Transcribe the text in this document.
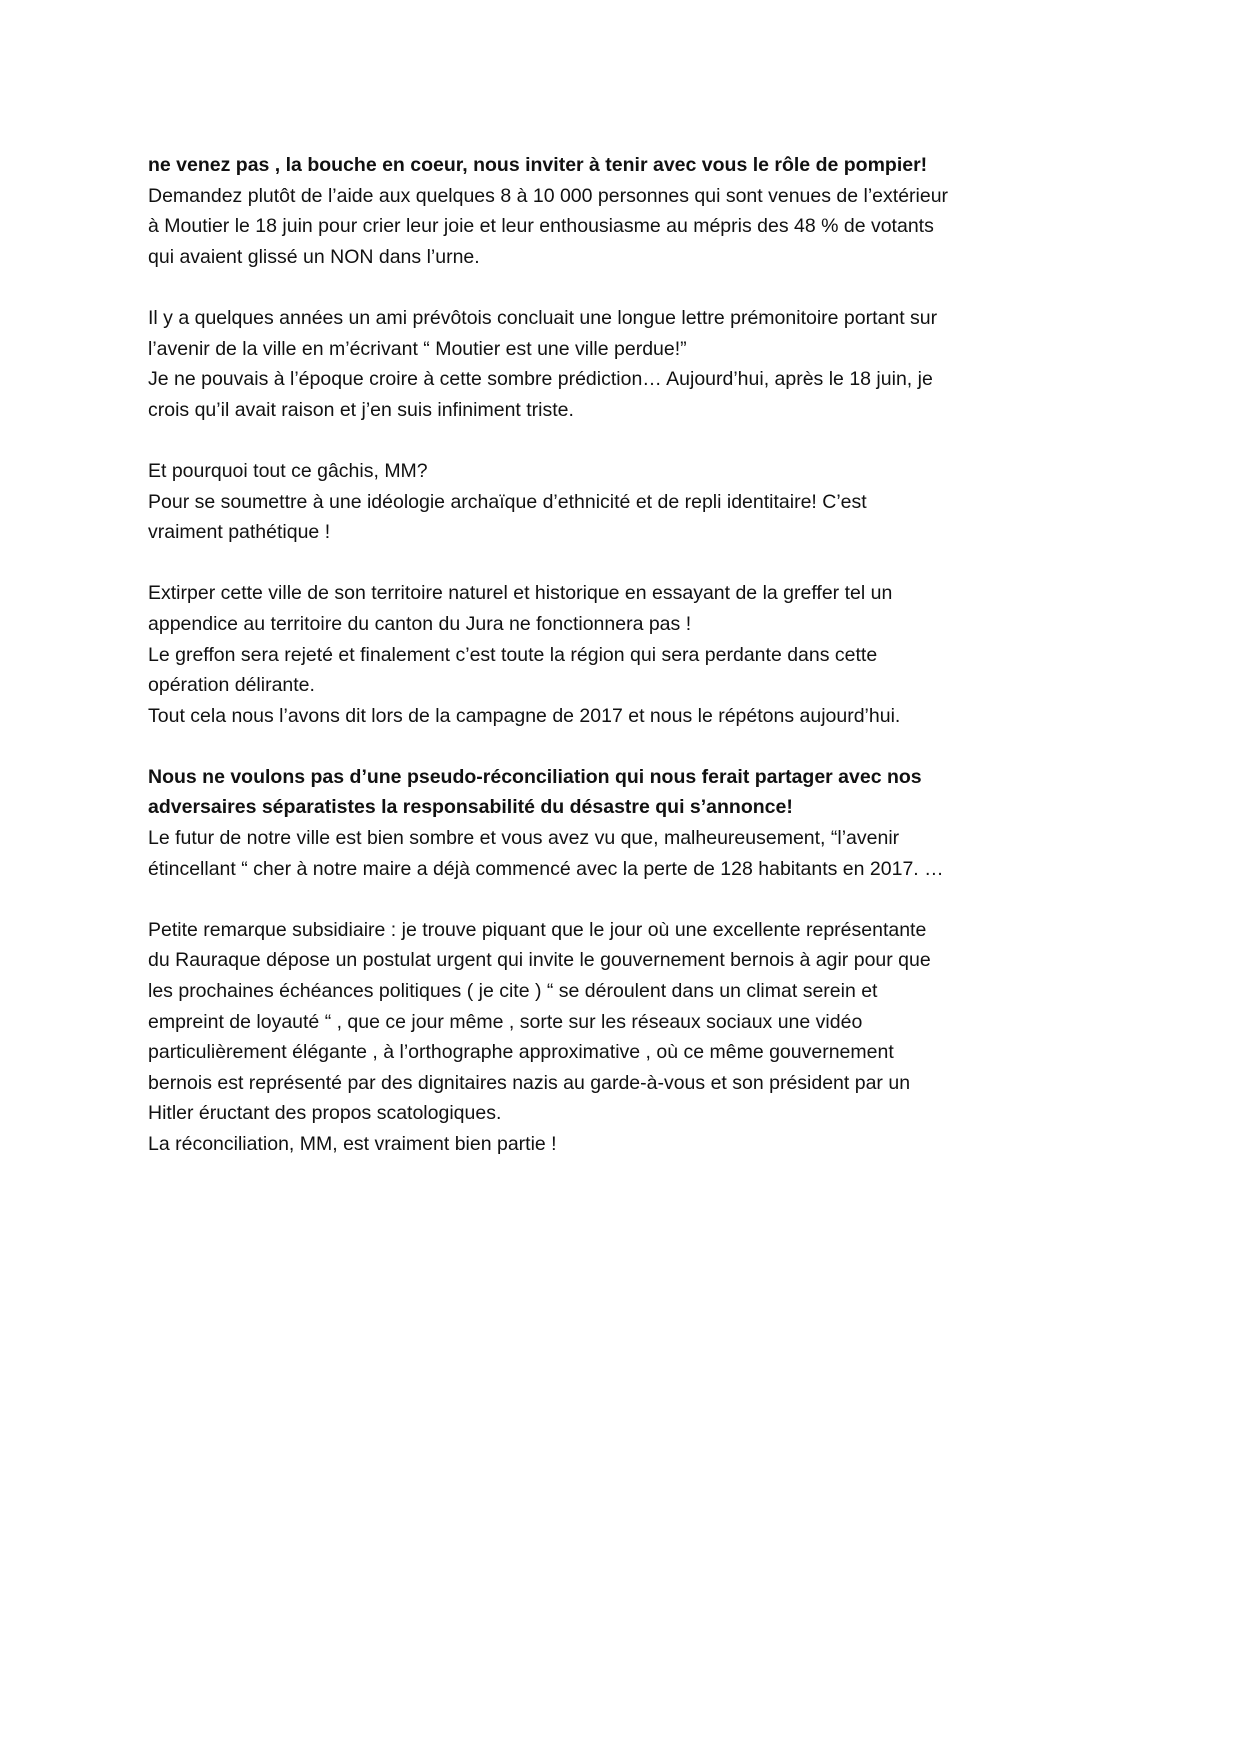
ne venez pas , la bouche en coeur, nous inviter à tenir avec vous le rôle de pompier!
Demandez plutôt de l’aide aux quelques 8 à 10 000 personnes qui sont venues de l’extérieur
à Moutier le 18 juin pour crier leur joie et leur enthousiasme au mépris des 48 % de votants
qui avaient glissé un NON dans l’urne.
Il y a quelques années un ami prévôtois concluait une longue lettre prémonitoire portant sur
l’avenir de la ville en m’écrivant “ Moutier est une ville perdue!”
Je ne pouvais à l’époque croire à cette sombre prédiction… Aujourd’hui, après le 18 juin, je
crois qu’il avait raison et j’en suis infiniment triste.
Et pourquoi tout ce gâchis, MM?
Pour se soumettre à une idéologie archaïque d’ethnicité et de repli identitaire! C’est
vraiment pathétique !
Extirper cette ville de son territoire naturel et historique en essayant de la greffer tel un
appendice au territoire du canton du Jura ne fonctionnera pas !
Le greffon sera rejeté et finalement c’est toute la région qui sera perdante dans cette
opération délirante.
Tout cela nous l’avons dit lors de la campagne de 2017 et nous le répétons aujourd’hui.
Nous ne voulons pas d’une pseudo-réconciliation qui nous ferait partager avec nos
adversaires séparatistes la responsabilité du désastre qui s’annonce!
Le futur de notre ville est bien sombre et vous avez vu que, malheureusement, “l’avenir
étincellant “ cher à notre maire a déjà commencé avec la perte de 128 habitants en 2017. …
Petite remarque subsidiaire : je trouve piquant que le jour où une excellente représentante
du Rauraque dépose un postulat urgent qui invite le gouvernement bernois à agir pour que
les prochaines échéances politiques ( je cite ) “ se déroulent dans un climat serein et
empreint de loyauté “ , que ce jour même , sorte sur les réseaux sociaux une vidéo
particulièrement élégante , à l’orthographe approximative , où ce même gouvernement
bernois est représenté par des dignitaires nazis au garde-à-vous et son président par un
Hitler éructant des propos scatologiques.
La réconciliation, MM, est vraiment bien partie !
